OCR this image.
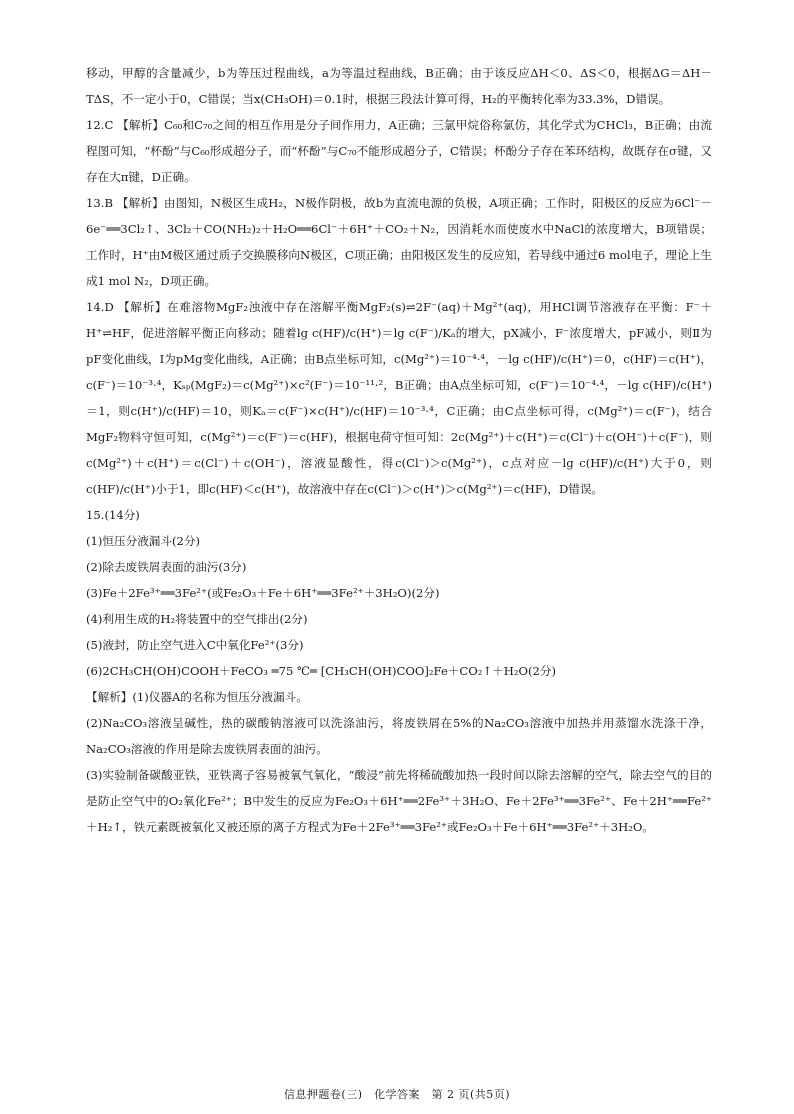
移动，甲醇的含量减少，b为等压过程曲线，a为等温过程曲线，B正确；由于该反应ΔH＜0、ΔS＜0，根据ΔG＝ΔH－TΔS，不一定小于0，C错误；当x(CH₃OH)＝0.1时，根据三段法计算可得，H₂的平衡转化率为33.3%，D错误。

12.C 【解析】C₆₀和C₇₀之间的相互作用是分子间作用力，A正确；三氯甲烷俗称氯仿，其化学式为CHCl₃，B正确；由流程图可知，“杯酚”与C₆₀形成超分子，而“杯酚”与C₇₀不能形成超分子，C错误；杯酚分子存在苯环结构，故既存在σ键，又存在大π键，D正确。

13.B 【解析】由图知，N极区生成H₂，N极作阴极，故b为直流电源的负极，A项正确；工作时，阳极区的反应为6Cl⁻－6e⁻══3Cl₂↑、3Cl₂＋CO(NH₂)₂＋H₂O══6Cl⁻＋6H⁺＋CO₂＋N₂，因消耗水而使废水中NaCl的浓度增大，B项错误；工作时，H⁺由M极区通过质子交换膜移向N极区，C项正确；由阳极区发生的反应知，若导线中通过6 mol电子，理论上生成1 mol N₂，D项正确。

14.D 【解析】在难溶物MgF₂浊液中存在溶解平衡MgF₂(s)⇌2F⁻(aq)＋Mg²⁺(aq)，用HCl调节溶液存在平衡：F⁻＋H⁺⇌HF，促进溶解平衡正向移动；随着lg c(HF)/c(H⁺)＝lg c(F⁻)/Kₐ的增大，pX减小，F⁻浓度增大，pF减小，则Ⅱ为pF变化曲线，Ⅰ为pMg变化曲线，A正确；由B点坐标可知，c(Mg²⁺)＝10⁻⁴·⁴，－lg c(HF)/c(H⁺)＝0，c(HF)＝c(H⁺)，c(F⁻)＝10⁻³·⁴，Kₛₚ(MgF₂)＝c(Mg²⁺)×c²(F⁻)＝10⁻¹¹·²，B正确；由A点坐标可知，c(F⁻)＝10⁻⁴·⁴，－lg c(HF)/c(H⁺)＝1，则c(H⁺)/c(HF)＝10，则Kₐ＝c(F⁻)×c(H⁺)/c(HF)＝10⁻³·⁴，C正确；由C点坐标可得，c(Mg²⁺)＝c(F⁻)，结合MgF₂物料守恒可知，c(Mg²⁺)＝c(F⁻)＝c(HF)，根据电荷守恒可知：2c(Mg²⁺)＋c(H⁺)＝c(Cl⁻)＋c(OH⁻)＋c(F⁻)，则c(Mg²⁺)＋c(H⁺)＝c(Cl⁻)＋c(OH⁻)，溶液显酸性，得c(Cl⁻)＞c(Mg²⁺)，c点对应－lg c(HF)/c(H⁺)大于0，则c(HF)/c(H⁺)小于1，即c(HF)＜c(H⁺)，故溶液中存在c(Cl⁻)＞c(H⁺)＞c(Mg²⁺)＝c(HF)，D错误。

15.(14分)

(1)恒压分液漏斗(2分)

(2)除去废铁屑表面的油污(3分)

(3)Fe＋2Fe³⁺══3Fe²⁺(或Fe₂O₃＋Fe＋6H⁺══3Fe²⁺＋3H₂O)(2分)

(4)利用生成的H₂将装置中的空气排出(2分)

(5)液封，防止空气进入C中氧化Fe²⁺(3分)

(6)2CH₃CH(OH)COOH＋FeCO₃ ═75 ℃═ [CH₃CH(OH)COO]₂Fe＋CO₂↑＋H₂O(2分)

【解析】(1)仪器A的名称为恒压分液漏斗。

(2)Na₂CO₃溶液呈碱性，热的碳酸钠溶液可以洗涤油污，将废铁屑在5%的Na₂CO₃溶液中加热并用蒸馏水洗涤干净，Na₂CO₃溶液的作用是除去废铁屑表面的油污。

(3)实验制备碳酸亚铁，亚铁离子容易被氧气氧化，“酸浸”前先将稀硫酸加热一段时间以除去溶解的空气，除去空气的目的是防止空气中的O₂氧化Fe²⁺；B中发生的反应为Fe₂O₃＋6H⁺══2Fe³⁺＋3H₂O、Fe＋2Fe³⁺══3Fe²⁺、Fe＋2H⁺══Fe²⁺＋H₂↑，铁元素既被氧化又被还原的离子方程式为Fe＋2Fe³⁺══3Fe²⁺或Fe₂O₃＋Fe＋6H⁺══3Fe²⁺＋3H₂O。

信息押题卷(三)　化学答案　第 2 页(共5页)
